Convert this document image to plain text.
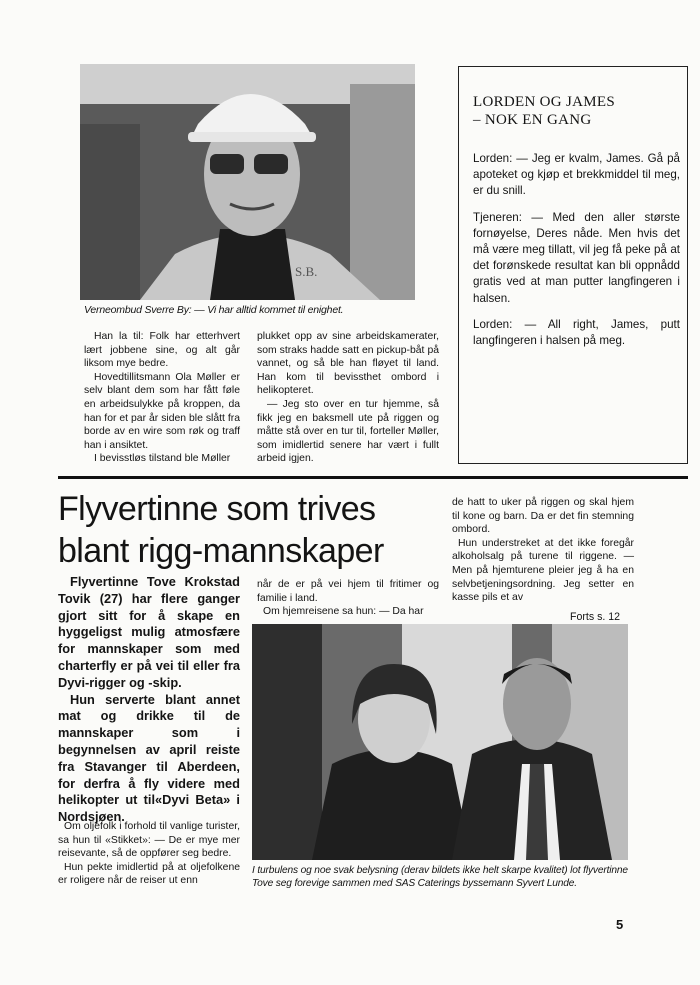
S.B.
Verneombud Sverre By: — Vi har alltid kommet til enighet.

Han la til: Folk har etterhvert lært jobbene sine, og alt går liksom mye bedre.

Hovedtillitsmann Ola Møller er selv blant dem som har fått føle en arbeidsulykke på kroppen, da han for et par år siden ble slått fra borde av en wire som røk og traff han i ansiktet.

I bevisstløs tilstand ble Møller

plukket opp av sine arbeidskamerater, som straks hadde satt en pickup-båt på vannet, og så ble han fløyet til land. Han kom til bevissthet ombord i helikopteret.

— Jeg sto over en tur hjemme, så fikk jeg en baksmell ute på riggen og måtte stå over en tur til, forteller Møller, som imidlertid senere har vært i fullt arbeid igjen.

LORDEN OG JAMES
– NOK EN GANG

Lorden: — Jeg er kvalm, James. Gå på apoteket og kjøp et brekkmiddel til meg, er du snill.

Tjeneren: — Med den aller største fornøyelse, Deres nåde. Men hvis det må være meg tillatt, vil jeg få peke på at det forønskede resultat kan bli oppnådd gratis ved at man putter langfingeren i halsen.

Lorden: — All right, James, putt langfingeren i halsen på meg.

Flyvertinne som trives
blant rigg-mannskaper

Flyvertinne Tove Krokstad Tovik (27) har flere ganger gjort sitt for å skape en hyggeligst mulig atmosfære for mannskaper som med charterfly er på vei til eller fra Dyvi-rigger og -skip.

Hun serverte blant annet mat og drikke til de mannskaper som i begynnelsen av april reiste fra Stavanger til Aberdeen, for derfra å fly videre med helikopter ut til«Dyvi Beta» i Nordsjøen.

Om oljefolk i forhold til vanlige turister, sa hun til «Stikket»: — De er mye mer reisevante, så de oppfører seg bedre.

Hun pekte imidlertid på at oljefolkene er roligere når de reiser ut enn

når de er på vei hjem til fritimer og familie i land.

Om hjemreisene sa hun: — Da har

de hatt to uker på riggen og skal hjem til kone og barn. Da er det fin stemning ombord.

Hun understreket at det ikke foregår alkoholsalg på turene til riggene. — Men på hjemturene pleier jeg å ha en selvbetjeningsordning. Jeg setter en kasse pils et av

Forts s. 12
I turbulens og noe svak belysning (derav bildets ikke helt skarpe kvalitet) lot flyvertinne Tove seg forevige sammen med SAS Caterings byssemann Syvert Lunde.
5
